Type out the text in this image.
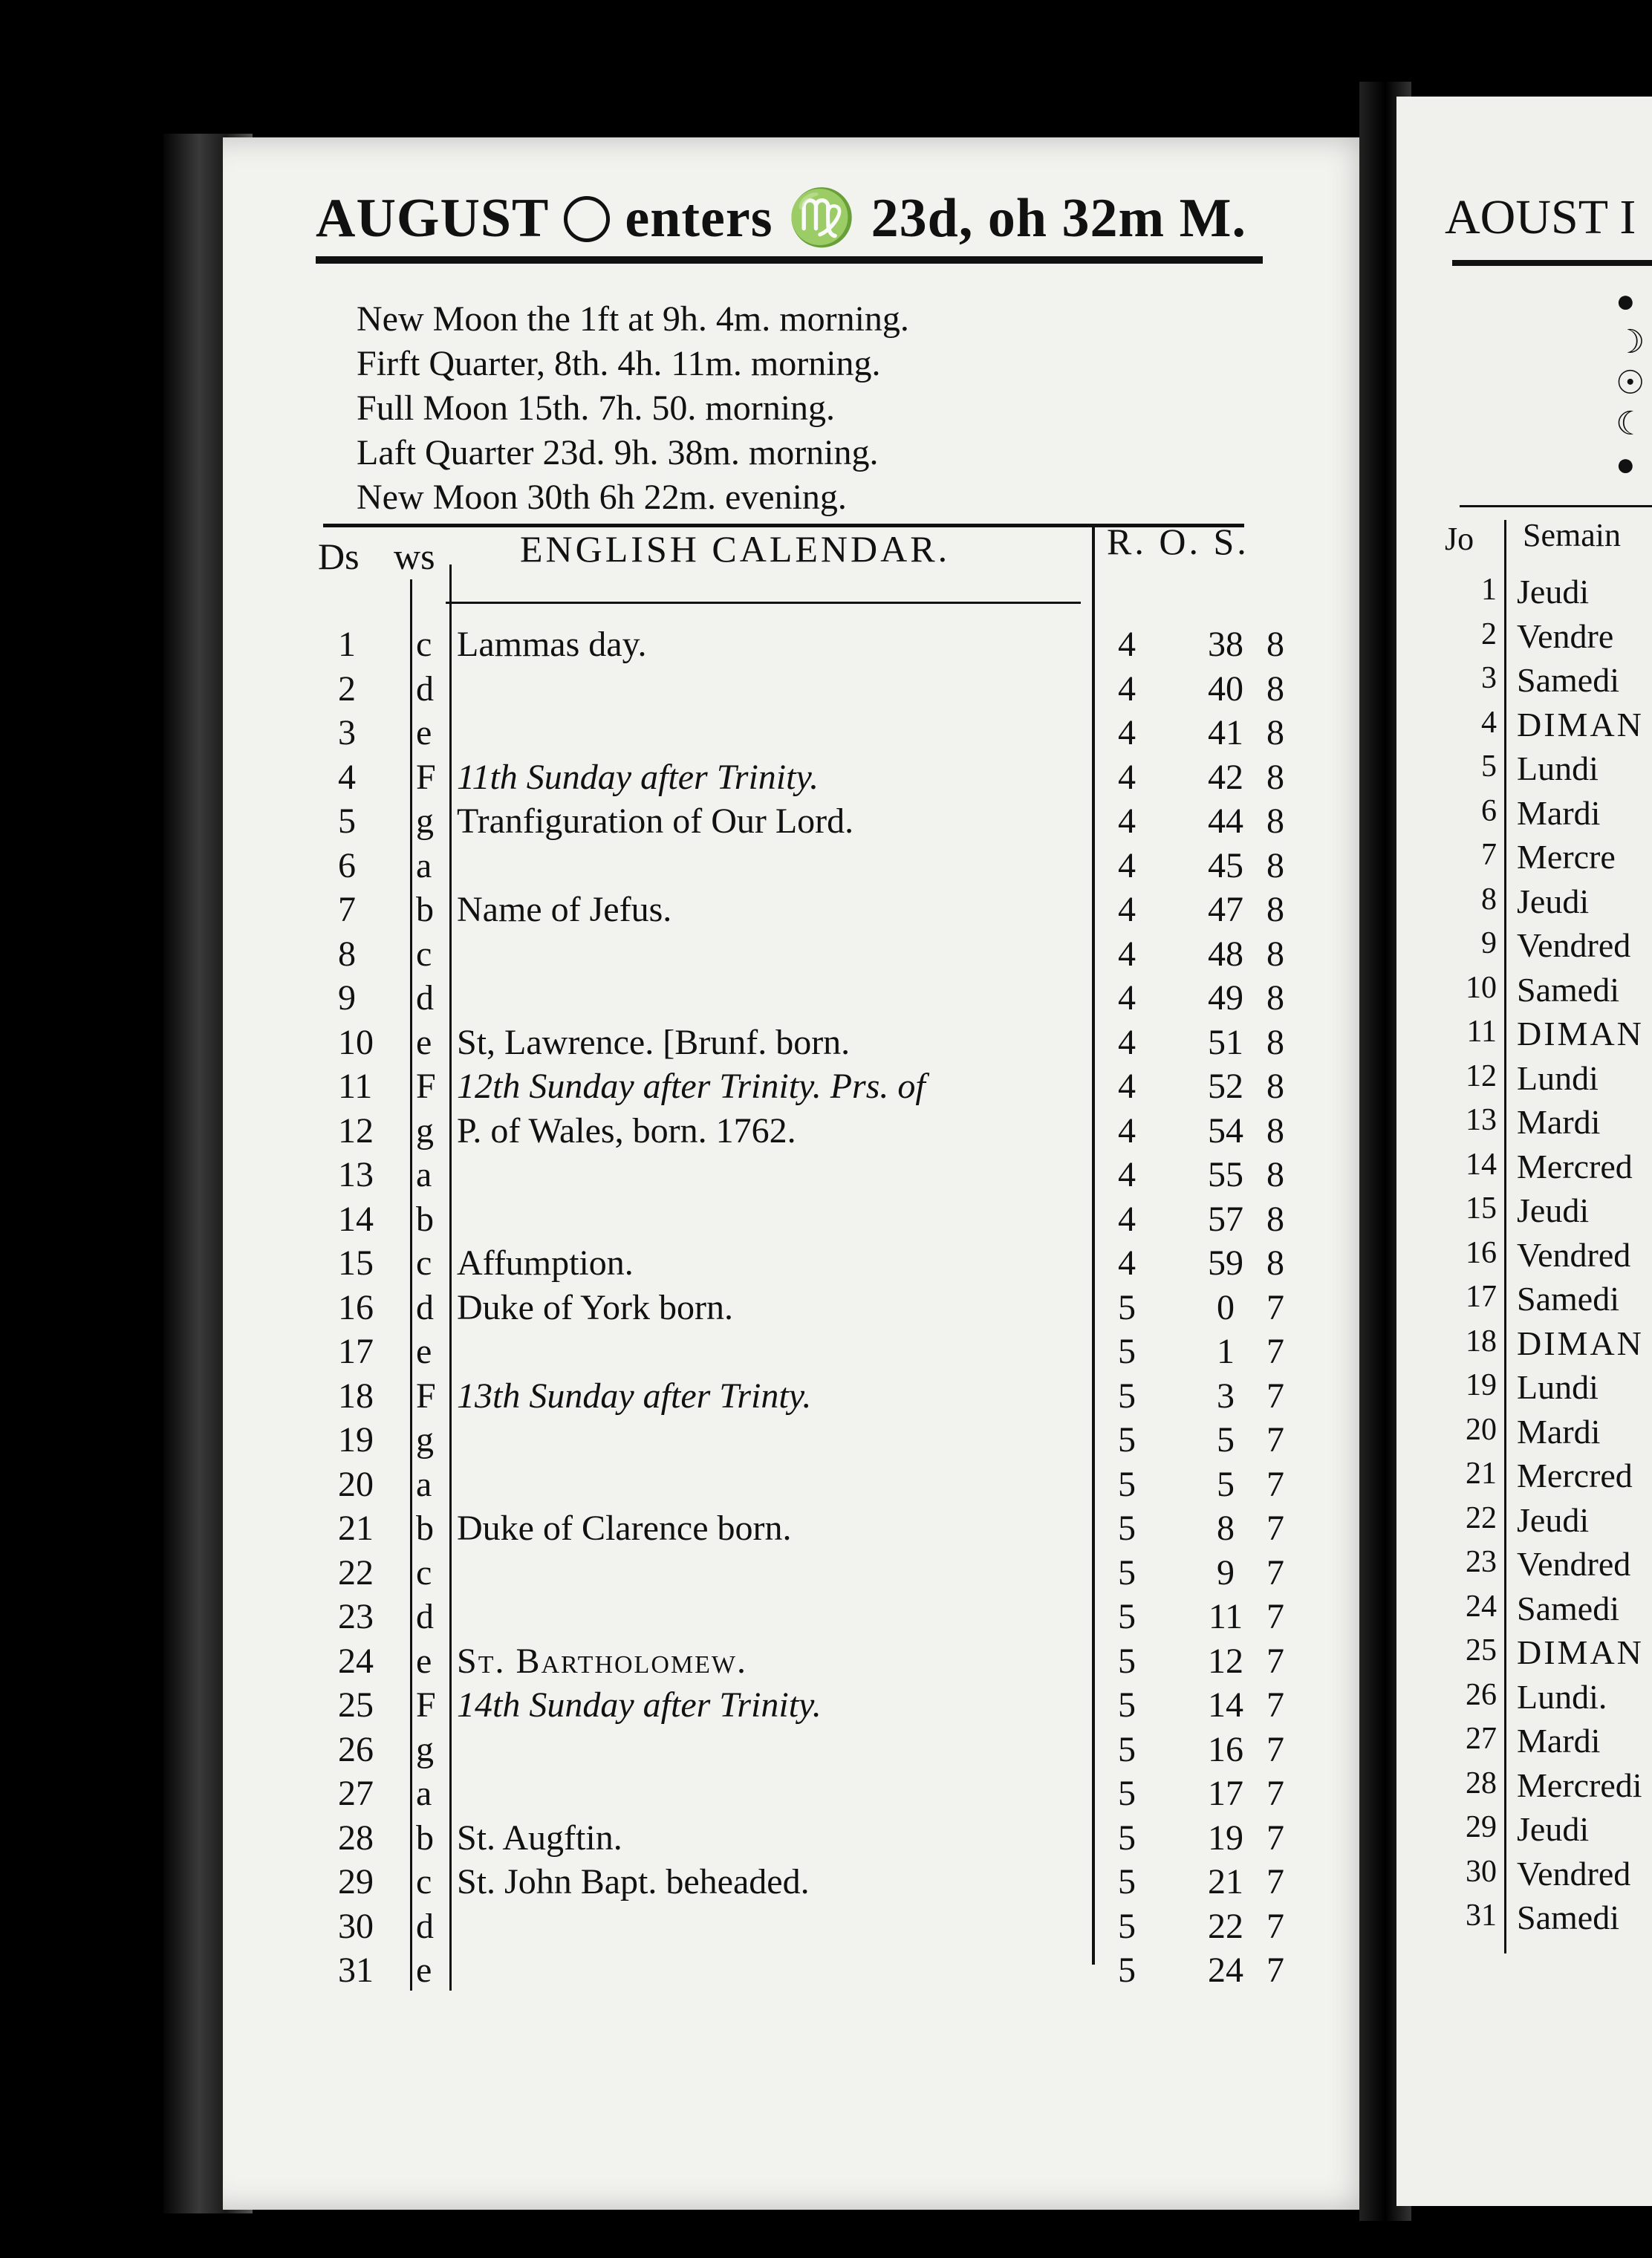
AUGUST enters ♍ 23d, oh 32m M.
New Moon the 1ft at 9h. 4m. morning.
Firft Quarter, 8th. 4h. 11m. morning.
Full Moon 15th. 7h. 50. morning.
Laft Quarter 23d. 9h. 38m. morning.
New Moon 30th 6h 22m. evening.
Ds ws ENGLISH CALENDAR.	R. O. S.
1 c Lammas day.	4 38 8
2 d	4 40 8
3 e	4 41 8
4 F 11th Sunday after Trinity.	4 42 8
5 g Tranfiguration of Our Lord.	4 44 8
6 a	4 45 8
7 b Name of Jefus.	4 47 8
8 c	4 48 8
9 d	4 49 8
10 e St, Lawrence. [Brunf. born.	4 51 8
11 F 12th Sunday after Trinity. Prs. of	4 52 8
12 g P. of Wales, born. 1762.	4 54 8
13 a	4 55 8
14 b	4 57 8
15 c Affumption.	4 59 8
16 d Duke of York born.	5	0 7
17 e	5	1 7
18 F 13th Sunday after Trinty.	5	3 7
19 g	5	5 7
20 a	5	5 7
21 b Duke of Clarence born.	5	8 7
22 c	5	9 7
23 d	5 11 7
24 e St. Bartholomew.	5 12 7
25 F 14th Sunday after Trinity.	5 14 7
26 g	5 16 7
27 a	5 17 7
28 b St. Augftin.	5 19 7
29 c St. John Bapt. beheaded.	5 21 7
30 d	5 22 7
31 e	5 24 7
AOUST I
●
☽
☉
☾
●
Jo Semain
1 Jeudi
2 Vendre
3 Samedi
4 DIMAN
5 Lundi
6 Mardi
7 Mercre
8 Jeudi
9 Vendred
10 Samedi
11 DIMAN
12 Lundi
13 Mardi
14 Mercred
15 Jeudi
16 Vendred
17 Samedi
18 DIMAN
19 Lundi
20 Mardi
21 Mercred
22 Jeudi
23 Vendred
24 Samedi
25 DIMAN
26 Lundi.
27 Mardi
28 Mercredi
29 Jeudi
30 Vendred
31 Samedi
